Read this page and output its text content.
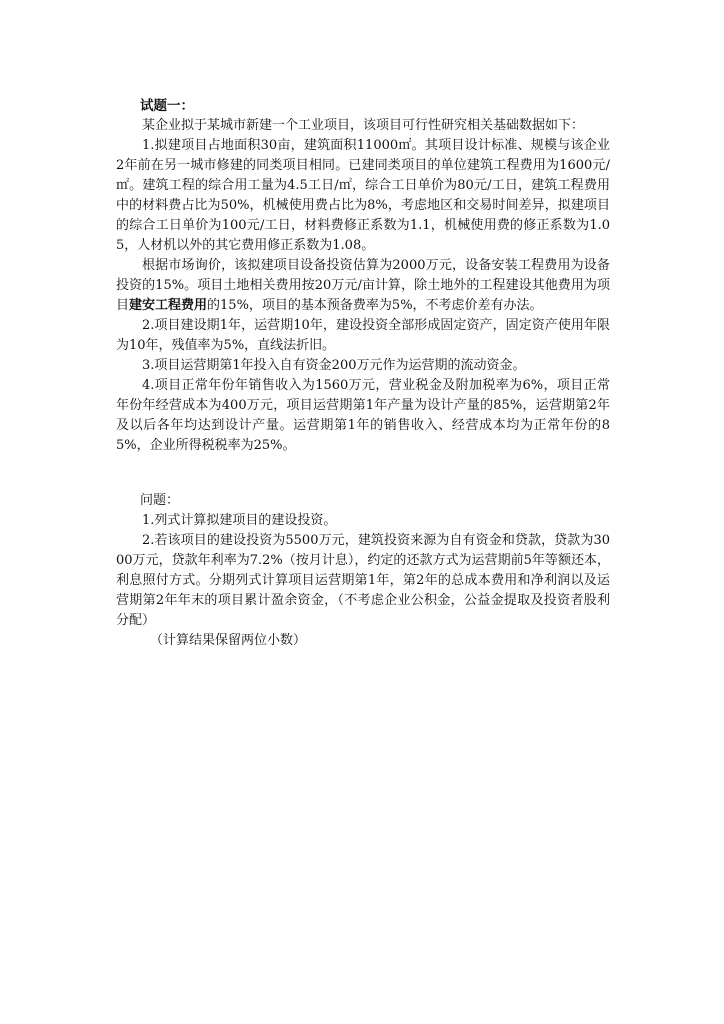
试题一：

某企业拟于某城市新建一个工业项目，该项目可行性研究相关基础数据如下：

1.拟建项目占地面积30亩，建筑面积11000㎡。其项目设计标准、规模与该企业2年前在另一城市修建的同类项目相同。已建同类项目的单位建筑工程费用为1600元/㎡。建筑工程的综合用工量为4.5工日/㎡，综合工日单价为80元/工日，建筑工程费用中的材料费占比为50%，机械使用费占比为8%，考虑地区和交易时间差异，拟建项目的综合工日单价为100元/工日，材料费修正系数为1.1，机械使用费的修正系数为1.05，人材机以外的其它费用修正系数为1.08。

根据市场询价，该拟建项目设备投资估算为2000万元，设备安装工程费用为设备投资的15%。项目土地相关费用按20万元/亩计算，除土地外的工程建设其他费用为项目建安工程费用的15%，项目的基本预备费率为5%，不考虑价差有办法。

2.项目建设期1年，运营期10年，建设投资全部形成固定资产，固定资产使用年限为10年，残值率为5%，直线法折旧。

3.项目运营期第1年投入自有资金200万元作为运营期的流动资金。

4.项目正常年份年销售收入为1560万元，营业税金及附加税率为6%，项目正常年份年经营成本为400万元，项目运营期第1年产量为设计产量的85%，运营期第2年及以后各年均达到设计产量。运营期第1年的销售收入、经营成本均为正常年份的85%，企业所得税税率为25%。

问题：

1.列式计算拟建项目的建设投资。

2.若该项目的建设投资为5500万元，建筑投资来源为自有资金和贷款，贷款为3000万元，贷款年利率为7.2%（按月计息），约定的还款方式为运营期前5年等额还本，利息照付方式。分期列式计算项目运营期第1年，第2年的总成本费用和净利润以及运营期第2年年末的项目累计盈余资金，（不考虑企业公积金，公益金提取及投资者股利分配）

（计算结果保留两位小数）
